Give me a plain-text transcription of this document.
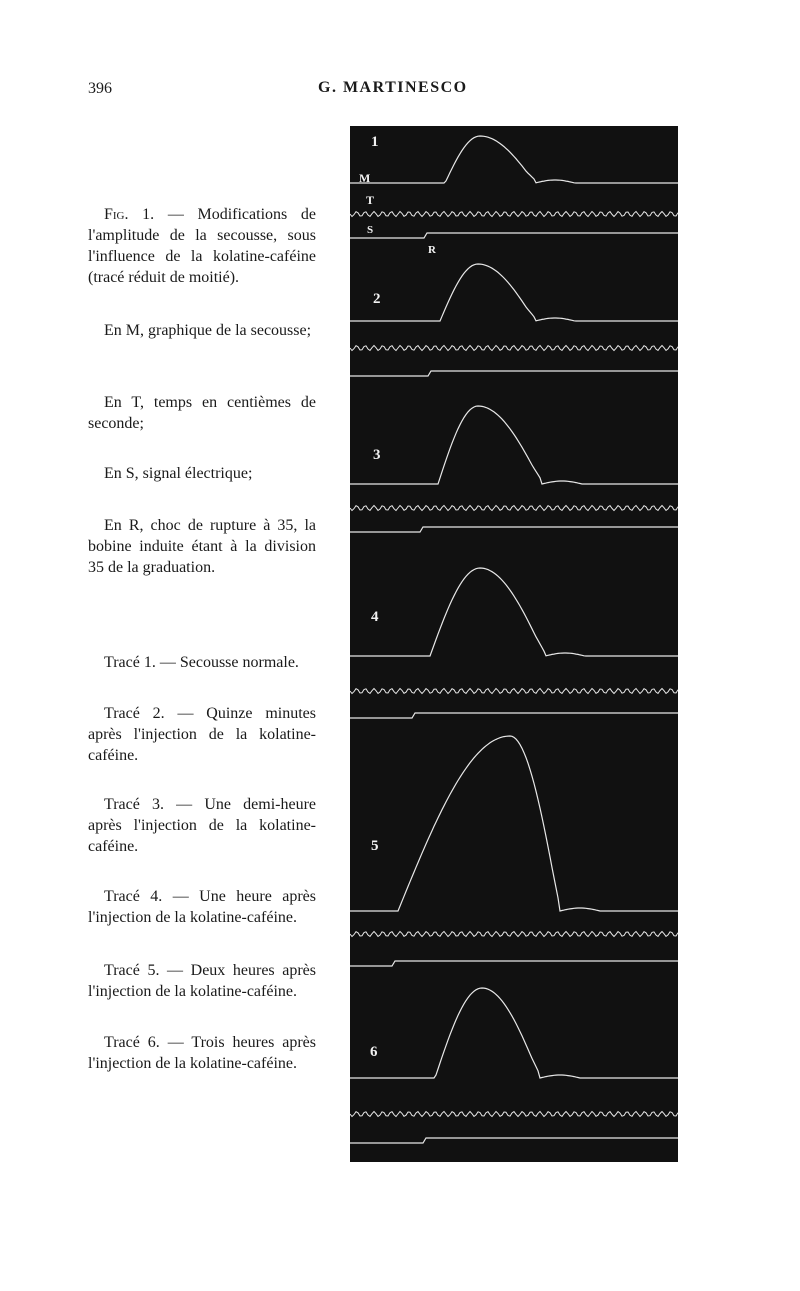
396	G. MARTINESCO

Fig. 1. — Modifications de l'amplitude de la secousse, sous l'influence de la kolatine-caféine (tracé réduit de moitié).

En M, graphique de la secousse;

En T, temps en centièmes de seconde;

En S, signal électrique;

En R, choc de rupture à 35, la bobine induite étant à la division 35 de la graduation.

Tracé 1. — Secousse normale.

Tracé 2. — Quinze minutes après l'injection de la kolatine-caféine.

Tracé 3. — Une demi-heure après l'injection de la kolatine-caféine.

Tracé 4. — Une heure après l'injection de la kolatine-caféine.

Tracé 5. — Deux heures après l'injection de la kolatine-caféine.

Tracé 6. — Trois heures après l'injection de la kolatine-caféine.

1
M
T
S
R
2
3
4
5
6
